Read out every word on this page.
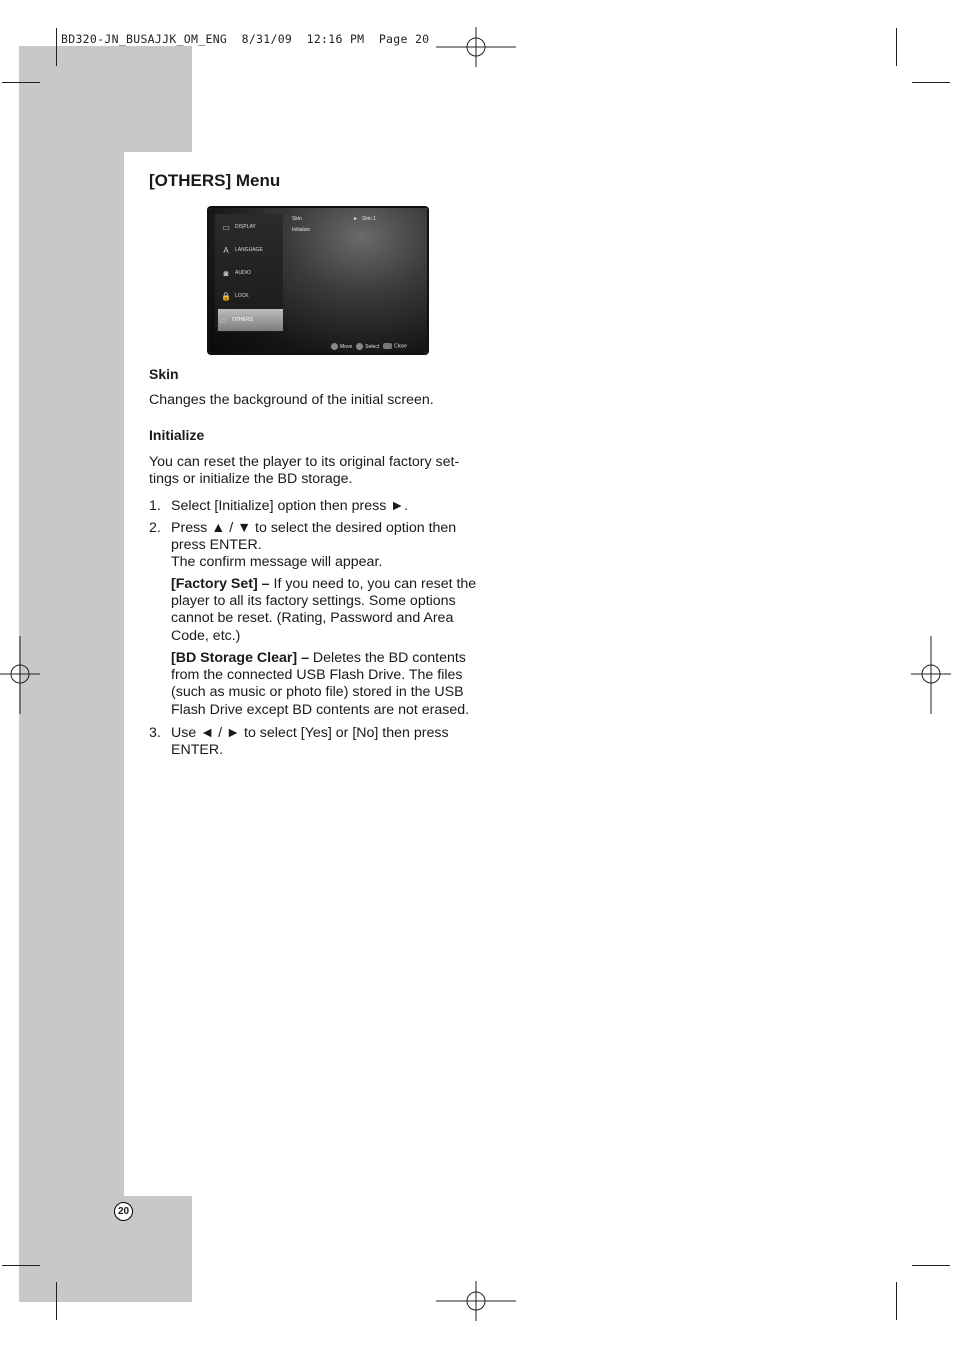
BD320-JN_BUSAJJK_OM_ENG  8/31/09  12:16 PM  Page 20
[OTHERS] Menu
▭ DISPLAY
A	LANGUAGE
◙	AUDIO
🔒 LOCK
▭ OTHERS
Skin	► Skin 1
Initialize
Move	Select	Close
Skin

Changes the background of the initial screen.

Initialize

You can reset the player to its original factory set-
tings or initialize the BD storage.

1. Select [Initialize] option then press ►.

2. Press ▲ / ▼ to select the desired option then
press ENTER.
The confirm message will appear.

[Factory Set] – If you need to, you can reset the
player to all its factory settings. Some options
cannot be reset. (Rating, Password and Area
Code, etc.)

[BD Storage Clear] – Deletes the BD contents
from the connected USB Flash Drive. The files
(such as music or photo file) stored in the USB
Flash Drive except BD contents are not erased.

3. Use ◄ / ► to select [Yes] or [No] then press
ENTER.

20
